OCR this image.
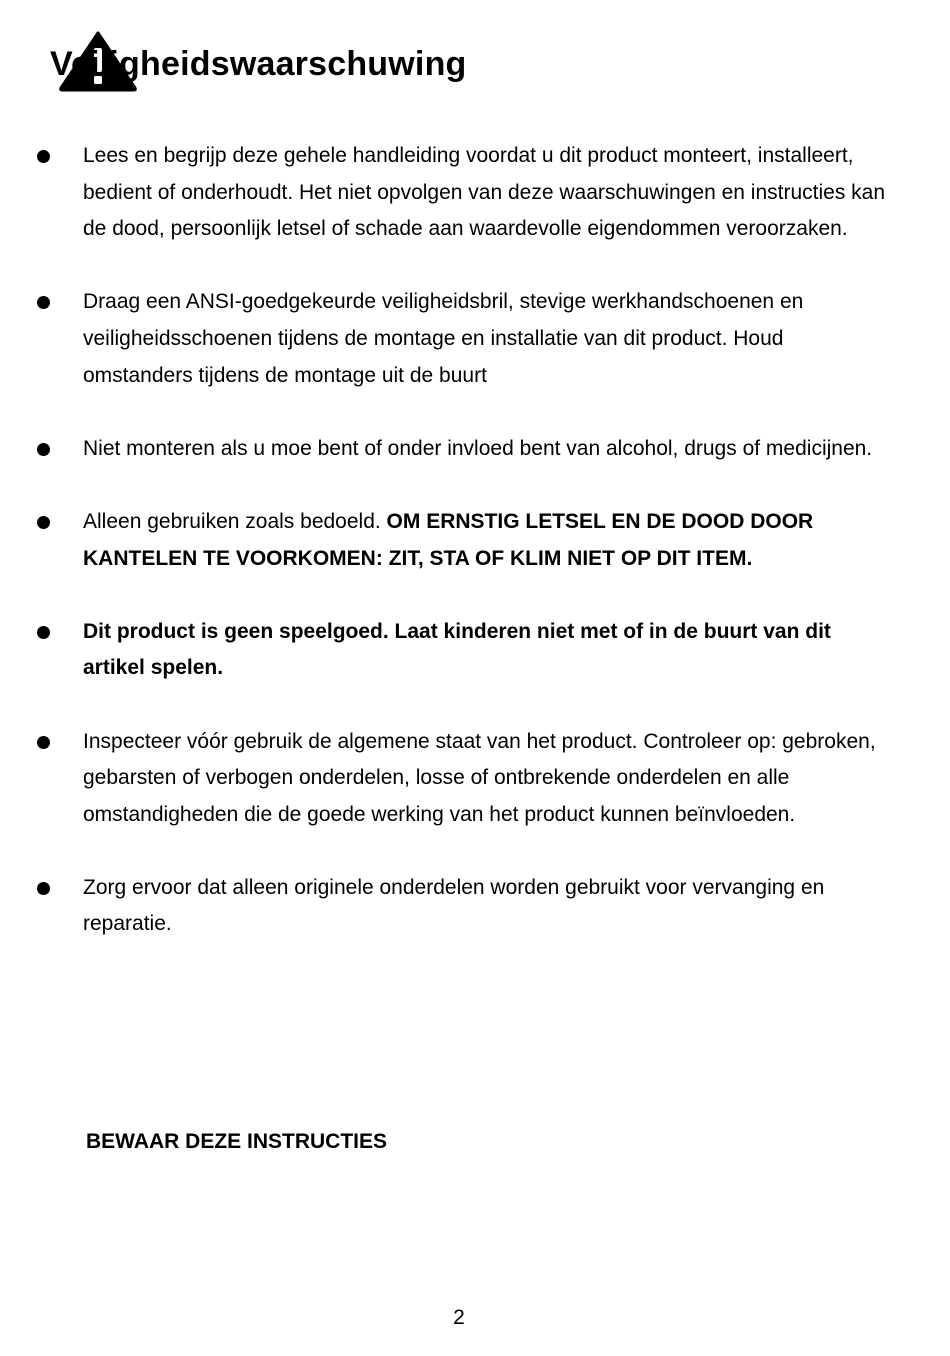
Veiligheidswaarschuwing
Lees en begrijp deze gehele handleiding voordat u dit product monteert, installeert, bedient of onderhoudt. Het niet opvolgen van deze waarschuwingen en instructies kan de dood, persoonlijk letsel of schade aan waardevolle eigendommen veroorzaken.
Draag een ANSI-goedgekeurde veiligheidsbril, stevige werkhandschoenen en veiligheidsschoenen tijdens de montage en installatie van dit product. Houd omstanders tijdens de montage uit de buurt
Niet monteren als u moe bent of onder invloed bent van alcohol, drugs of medicijnen.
Alleen gebruiken zoals bedoeld. OM ERNSTIG LETSEL EN DE DOOD DOOR KANTELEN TE VOORKOMEN: ZIT, STA OF KLIM NIET OP DIT ITEM.
Dit product is geen speelgoed. Laat kinderen niet met of in de buurt van dit artikel spelen.
Inspecteer vóór gebruik de algemene staat van het product. Controleer op: gebroken, gebarsten of verbogen onderdelen, losse of ontbrekende onderdelen en alle omstandigheden die de goede werking van het product kunnen beïnvloeden.
Zorg ervoor dat alleen originele onderdelen worden gebruikt voor vervanging en reparatie.
BEWAAR DEZE INSTRUCTIES
2
